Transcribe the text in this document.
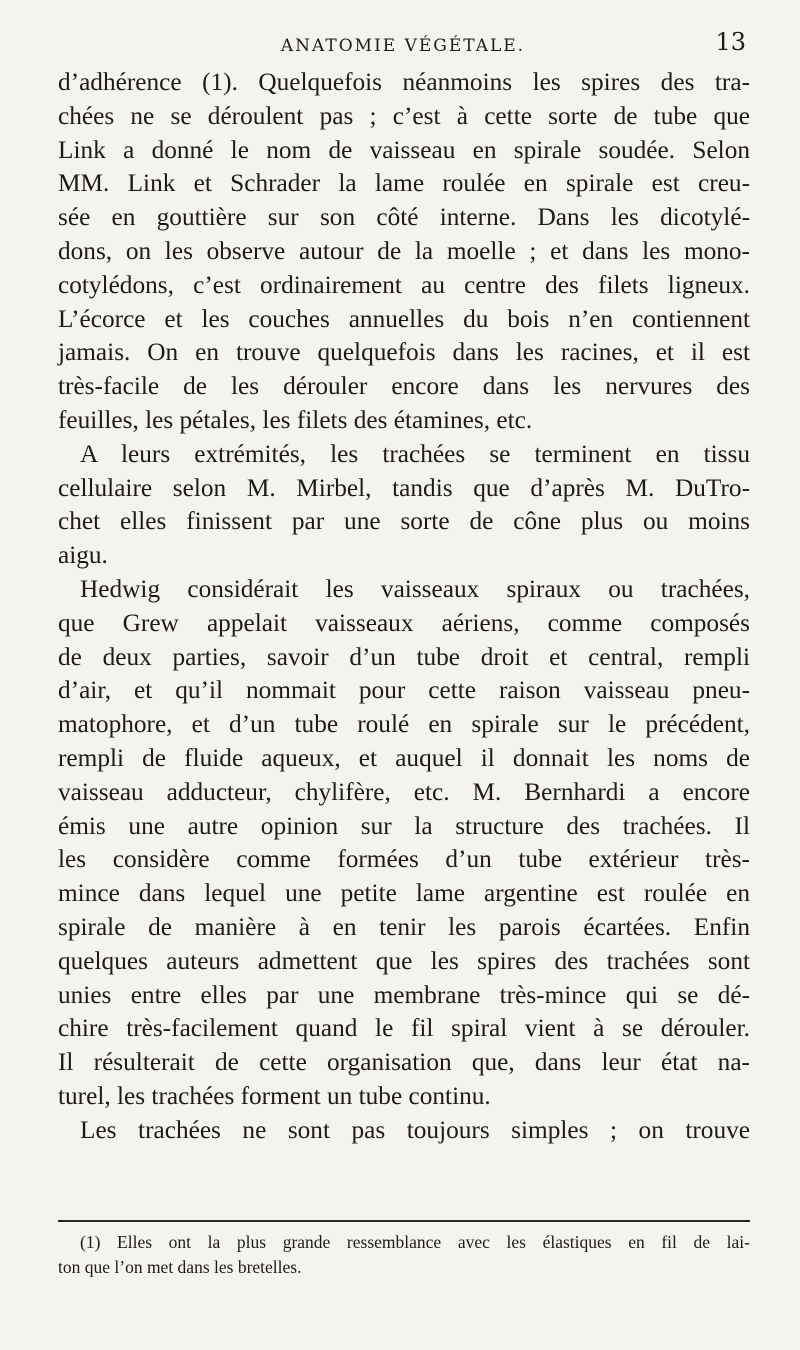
ANATOMIE VÉGÉTALE.	13
d’adhérence (1). Quelquefois néanmoins les spires des tra-
chées ne se déroulent pas ; c’est à cette sorte de tube que
Link a donné le nom de vaisseau en spirale soudée. Selon
MM. Link et Schrader la lame roulée en spirale est creu-
sée en gouttière sur son côté interne. Dans les dicotylé-
dons, on les observe autour de la moelle ; et dans les mono-
cotylédons, c’est ordinairement au centre des filets ligneux.
L’écorce et les couches annuelles du bois n’en contiennent
jamais. On en trouve quelquefois dans les racines, et il est
très-facile de les dérouler encore dans les nervures des
feuilles, les pétales, les filets des étamines, etc.
A leurs extrémités, les trachées se terminent en tissu
cellulaire selon M. Mirbel, tandis que d’après M. DuTro-
chet elles finissent par une sorte de cône plus ou moins
aigu.
Hedwig considérait les vaisseaux spiraux ou trachées,
que Grew appelait vaisseaux aériens, comme composés
de deux parties, savoir d’un tube droit et central, rempli
d’air, et qu’il nommait pour cette raison vaisseau pneu-
matophore, et d’un tube roulé en spirale sur le précédent,
rempli de fluide aqueux, et auquel il donnait les noms de
vaisseau adducteur, chylifère, etc. M. Bernhardi a encore
émis une autre opinion sur la structure des trachées. Il
les considère comme formées d’un tube extérieur très-
mince dans lequel une petite lame argentine est roulée en
spirale de manière à en tenir les parois écartées. Enfin
quelques auteurs admettent que les spires des trachées sont
unies entre elles par une membrane très-mince qui se dé-
chire très-facilement quand le fil spiral vient à se dérouler.
Il résulterait de cette organisation que, dans leur état na-
turel, les trachées forment un tube continu.
Les trachées ne sont pas toujours simples ; on trouve
(1) Elles ont la plus grande ressemblance avec les élastiques en fil de lai-
ton que l’on met dans les bretelles.
